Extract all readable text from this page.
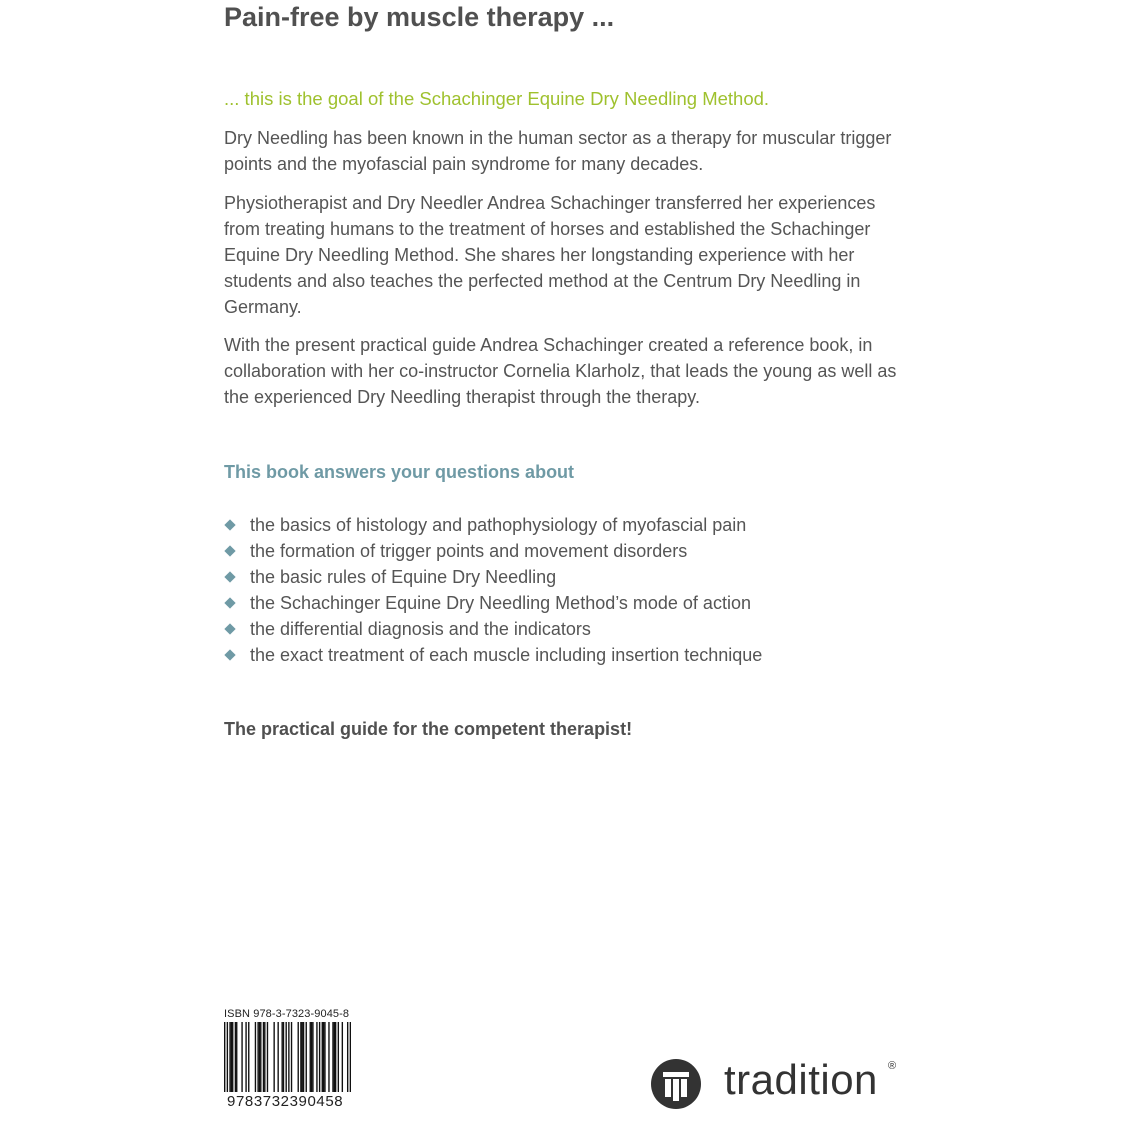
Pain-free by muscle therapy ...

... this is the goal of the Schachinger Equine Dry Needling Method.

Dry Needling has been known in the human sector as a therapy for muscular trigger points and the myofascial pain syndrome for many decades.

Physiotherapist and Dry Needler Andrea Schachinger transferred her experiences from treating humans to the treatment of horses and established the Schachinger Equine Dry Needling Method. She shares her longstanding experience with her students and also teaches the perfected method at the Centrum Dry Needling in Germany.

With the present practical guide Andrea Schachinger created a reference book, in collaboration with her co-instructor Cornelia Klarholz, that leads the young as well as the experienced Dry Needling therapist through the therapy.

This book answers your questions about
the basics of histology and pathophysiology of myofascial pain
the formation of trigger points and movement disorders
the basic rules of Equine Dry Needling
the Schachinger Equine Dry Needling Method’s mode of action
the differential diagnosis and the indicators
the exact treatment of each muscle including insertion technique

The practical guide for the competent therapist!

ISBN 978-3-7323-9045-8
9783732390458	tradition ®
